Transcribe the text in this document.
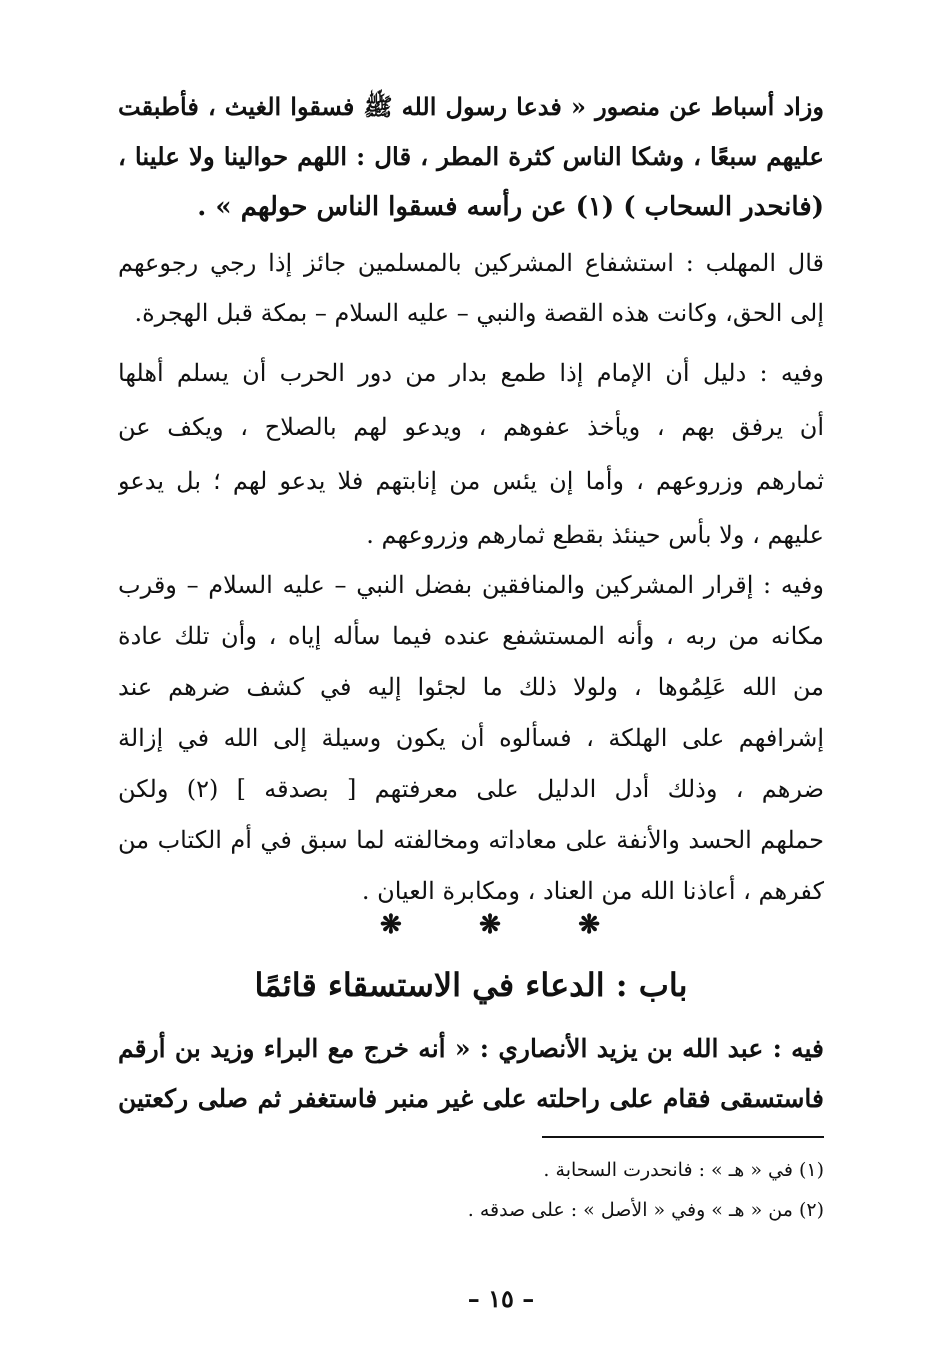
وزاد أسباط عن منصور « فدعا رسول الله ﷺ فسقوا الغيث ، فأطبقت
عليهم سبعًا ، وشكا الناس كثرة المطر ، قال : اللهم حوالينا ولا علينا ،
(فانحدر السحاب ) (١) عن رأسه فسقوا الناس حولهم » .
قال المهلب : استشفاع المشركين بالمسلمين جائز إذا رجي رجوعهم
إلى الحق، وكانت هذه القصة والنبي – عليه السلام – بمكة قبل الهجرة.
وفيه : دليل أن الإمام إذا طمع بدار من دور الحرب أن يسلم أهلها
أن يرفق بهم ، ويأخذ عفوهم ، ويدعو لهم بالصلاح ، ويكف عن
ثمارهم وزروعهم ، وأما إن يئس من إنابتهم فلا يدعو لهم ؛ بل يدعو
عليهم ، ولا بأس حينئذ بقطع ثمارهم وزروعهم .
وفيه : إقرار المشركين والمنافقين بفضل النبي – عليه السلام – وقرب
مكانه من ربه ، وأنه المستشفع عنده فيما سأله إياه ، وأن تلك عادة
من الله عَلِمُوها ، ولولا ذلك ما لجئوا إليه في كشف ضرهم عند
إشرافهم على الهلكة ، فسألوه أن يكون وسيلة إلى الله في إزالة
ضرهم ، وذلك أدل الدليل على معرفتهم [ بصدقه ] (٢) ولكن
حملهم الحسد والأنفة على معاداته ومخالفته لما سبق في أم الكتاب من
كفرهم ، أعاذنا الله من العناد ، ومكابرة العيان .
❋	❋	❋
باب : الدعاء في الاستسقاء قائمًا
فيه : عبد الله بن يزيد الأنصاري : « أنه خرج مع البراء وزيد بن أرقم
فاستسقى فقام على راحلته على غير منبر فاستغفر ثم صلى ركعتين
(١) في « هـ » : فانحدرت السحابة .
(٢) من « هـ » وفي « الأصل » : على صدقه .
– ١٥ –
